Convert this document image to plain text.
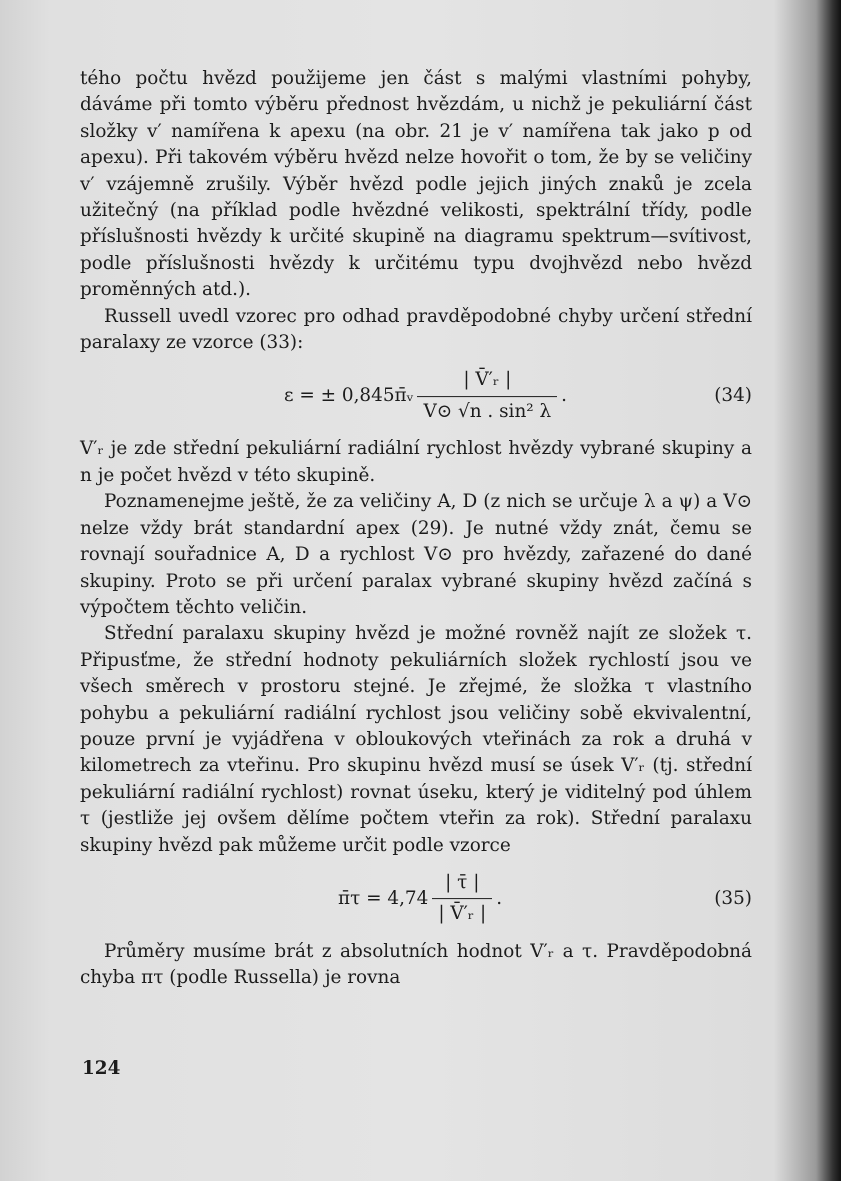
tého počtu hvězd použijeme jen část s malými vlastními pohyby, dáváme při tomto výběru přednost hvězdám, u nichž je pekuliární část složky v′ namířena k apexu (na obr. 21 je v′ namířena tak jako p od apexu). Při takovém výběru hvězd nelze hovořit o tom, že by se veličiny v′ vzájemně zrušily. Výběr hvězd podle jejich jiných znaků je zcela užitečný (na příklad podle hvězdné velikosti, spektrální třídy, podle příslušnosti hvězdy k určité skupině na diagramu spektrum—svítivost, podle příslušnosti hvězdy k určitému typu dvojhvězd nebo hvězd proměnných atd.).

Russell uvedl vzorec pro odhad pravděpodobné chyby určení střední paralaxy ze vzorce (33):

ε = ± 0,845π̄ᵥ $\frac{\text{| V̄′ᵣ |}}{\text{V⊙ √n . sin² λ}}$ .	(34)

V′ᵣ je zde střední pekuliární radiální rychlost hvězdy vybrané skupiny a n je počet hvězd v této skupině.

Poznamenejme ještě, že za veličiny A, D (z nich se určuje λ a ψ) a V⊙ nelze vždy brát standardní apex (29). Je nutné vždy znát, čemu se rovnají souřadnice A, D a rychlost V⊙ pro hvězdy, zařazené do dané skupiny. Proto se při určení paralax vybrané skupiny hvězd začíná s výpočtem těchto veličin.

Střední paralaxu skupiny hvězd je možné rovněž najít ze složek τ. Připusťme, že střední hodnoty pekuliárních složek rychlostí jsou ve všech směrech v prostoru stejné. Je zřejmé, že složka τ vlastního pohybu a pekuliární radiální rychlost jsou veličiny sobě ekvivalentní, pouze první je vyjádřena v obloukových vteřinách za rok a druhá v kilometrech za vteřinu. Pro skupinu hvězd musí se úsek V′ᵣ (tj. střední pekuliární radiální rychlost) rovnat úseku, který je viditelný pod úhlem τ (jestliže jej ovšem dělíme počtem vteřin za rok). Střední paralaxu skupiny hvězd pak můžeme určit podle vzorce

π̄τ = $4,74 \frac{| \taū |}{\text{| V̄′ᵣ |}}$ .	(35)

Průměry musíme brát z absolutních hodnot V′ᵣ a τ. Pravděpodobná chyba πτ (podle Russella) je rovna

124
